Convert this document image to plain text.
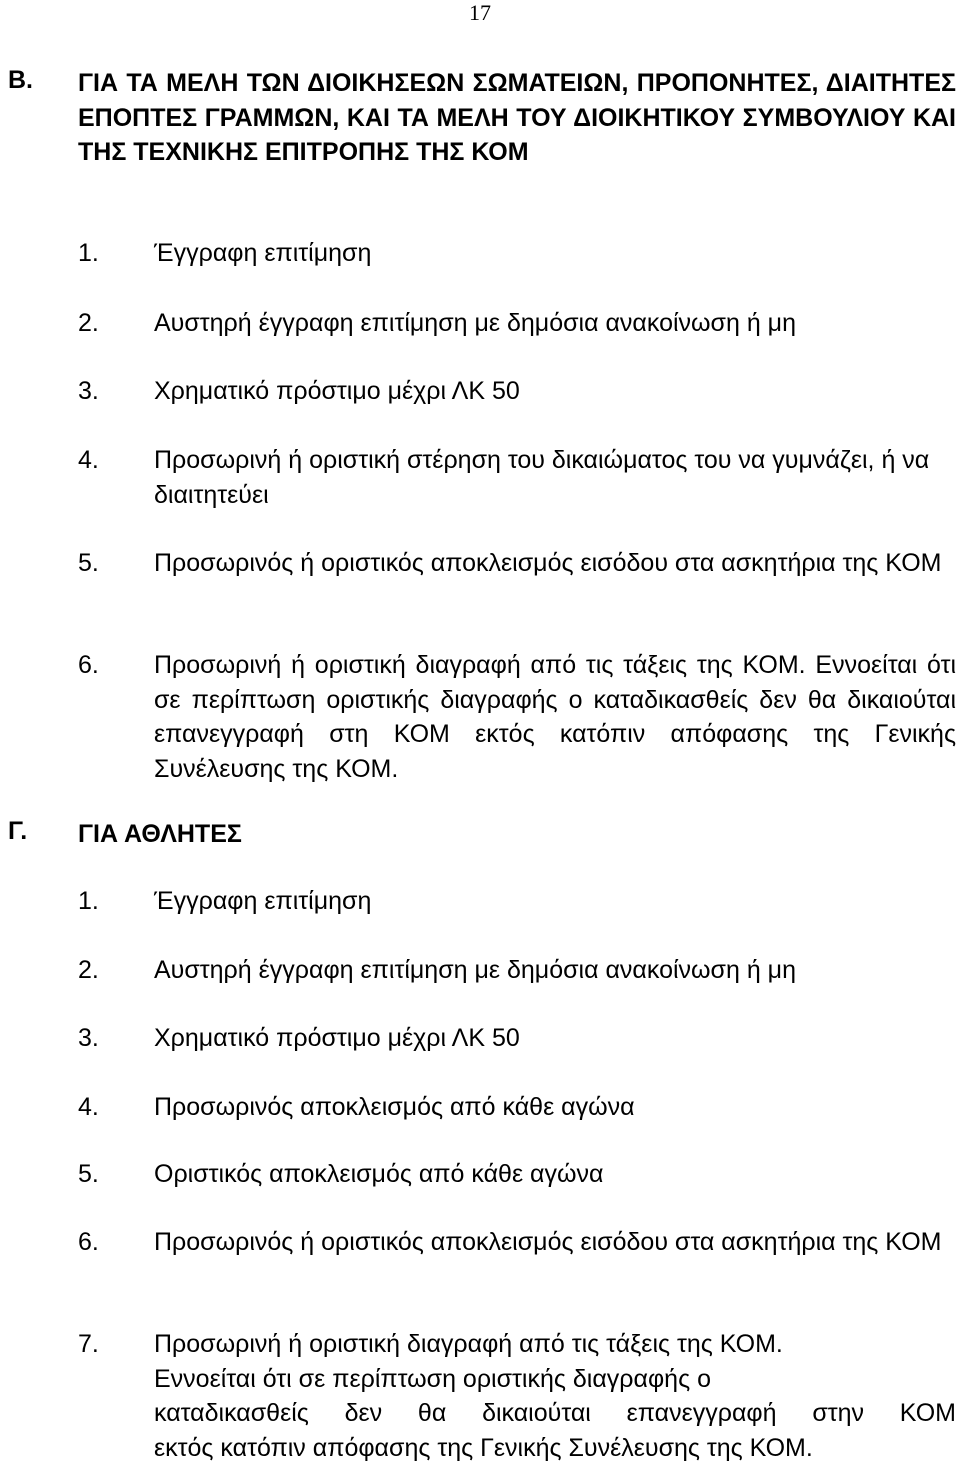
17
B. ΓΙΑ ΤΑ ΜΕΛΗ ΤΩΝ ΔΙΟΙΚΗΣΕΩΝ ΣΩΜΑΤΕΙΩΝ, ΠΡΟΠΟΝΗΤΕΣ, ΔΙΑΙΤΗΤΕΣ ΕΠΟΠΤΕΣ ΓΡΑΜΜΩΝ, ΚΑΙ ΤΑ ΜΕΛΗ ΤΟΥ ΔΙΟΙΚΗΤΙΚΟΥ ΣΥΜΒΟΥΛΙΟΥ ΚΑΙ ΤΗΣ ΤΕΧΝΙΚΗΣ ΕΠΙΤΡΟΠΗΣ ΤΗΣ ΚΟΜ
1. Έγγραφη επιτίμηση
2. Αυστηρή έγγραφη επιτίμηση με δημόσια ανακοίνωση ή μη
3. Χρηματικό πρόστιμο μέχρι ΛΚ 50
4. Προσωρινή ή οριστική στέρηση του δικαιώματος του να γυμνάζει, ή να διαιτητεύει
5. Προσωρινός ή οριστικός αποκλεισμός εισόδου στα ασκητήρια της ΚΟΜ
6. Προσωρινή ή οριστική διαγραφή από τις τάξεις της ΚΟΜ. Εννοείται ότι σε περίπτωση οριστικής διαγραφής ο καταδικασθείς δεν θα δικαιούται επανεγγραφή στη ΚΟΜ εκτός κατόπιν απόφασης της Γενικής Συνέλευσης της ΚΟΜ.
Γ. ΓΙΑ ΑΘΛΗΤΕΣ
1. Έγγραφη επιτίμηση
2. Αυστηρή έγγραφη επιτίμηση με δημόσια ανακοίνωση ή μη
3. Χρηματικό πρόστιμο μέχρι ΛΚ 50
4. Προσωρινός αποκλεισμός από κάθε αγώνα
5. Οριστικός αποκλεισμός από κάθε αγώνα
6. Προσωρινός ή οριστικός αποκλεισμός εισόδου στα ασκητήρια της ΚΟΜ
7. Προσωρινή ή οριστική διαγραφή από τις τάξεις της ΚΟΜ.
Εννοείται ότι σε περίπτωση οριστικής διαγραφής ο
καταδικασθείς δεν θα δικαιούται επανεγγραφή στην ΚΟΜ
εκτός κατόπιν απόφασης της Γενικής Συνέλευσης της ΚΟΜ.
